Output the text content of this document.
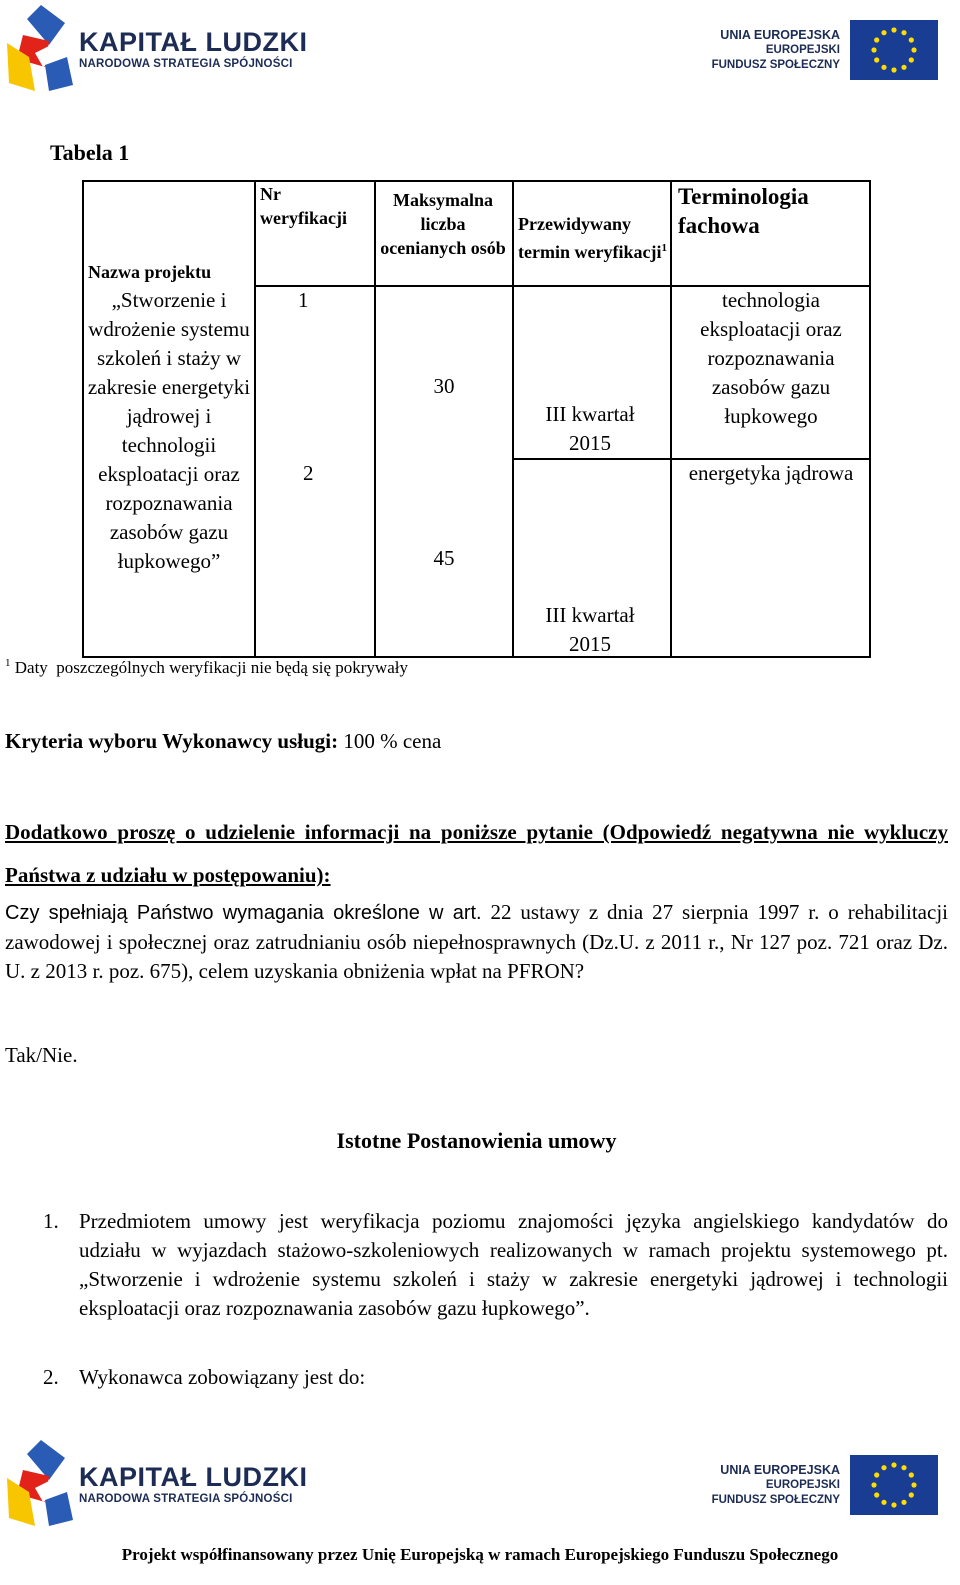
KAPITAŁ LUDZKI
NARODOWA STRATEGIA SPÓJNOŚCI
UNIA EUROPEJSKA
EUROPEJSKI
FUNDUSZ SPOŁECZNY
Tabela 1
Nazwa projektu
Nr weryfikacji
Maksymalna liczba ocenianych osób
Przewidywany termin weryfikacji$^1$
Terminologia fachowa
„Stworzenie i wdrożenie systemu szkoleń i staży w zakresie energetyki jądrowej i technologii eksploatacji oraz rozpoznawania zasobów gazu łupkowego”
1
30
III kwartał 2015
technologia eksploatacji oraz rozpoznawania zasobów gazu łupkowego
2
45
III kwartał 2015
energetyka jądrowa
$^1$ Daty  poszczególnych weryfikacji nie będą się pokrywały
Kryteria wyboru Wykonawcy usługi: 100 % cena
Dodatkowo proszę o udzielenie informacji na poniższe pytanie (Odpowiedź negatywna nie wykluczy Państwa z udziału w postępowaniu):
Czy spełniają Państwo wymagania określone w art. 22 ustawy z dnia 27 sierpnia 1997 r. o rehabilitacji zawodowej i społecznej oraz zatrudnianiu osób niepełnosprawnych (Dz.U. z 2011 r., Nr 127 poz. 721 oraz Dz. U. z 2013 r. poz. 675), celem uzyskania obniżenia wpłat na PFRON?
Tak/Nie.
Istotne Postanowienia umowy
1. Przedmiotem umowy jest weryfikacja poziomu znajomości języka angielskiego kandydatów do udziału w wyjazdach stażowo-szkoleniowych realizowanych w ramach projektu systemowego pt. „Stworzenie i wdrożenie systemu szkoleń i staży w zakresie energetyki jądrowej i technologii eksploatacji oraz rozpoznawania zasobów gazu łupkowego”.
2. Wykonawca zobowiązany jest do:
KAPITAŁ LUDZKI
NARODOWA STRATEGIA SPÓJNOŚCI
UNIA EUROPEJSKA
EUROPEJSKI
FUNDUSZ SPOŁECZNY
Projekt współfinansowany przez Unię Europejską w ramach Europejskiego Funduszu Społecznego
